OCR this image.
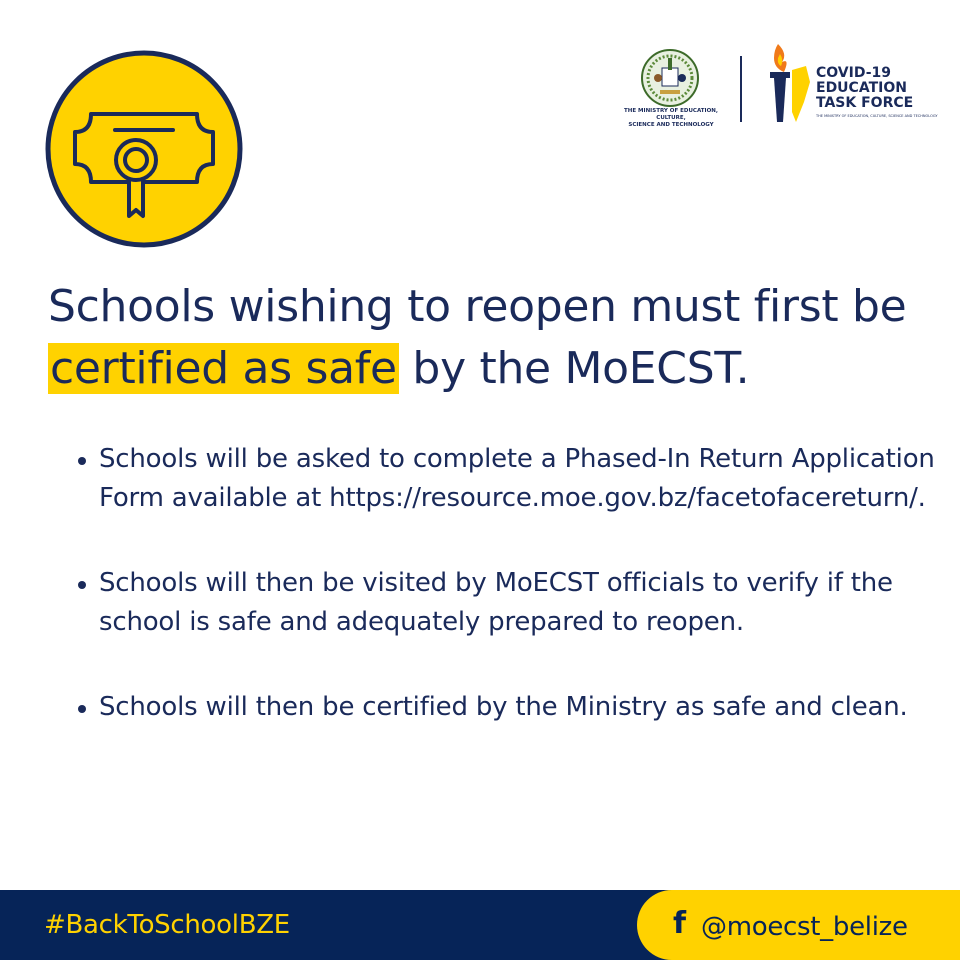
THE MINISTRY OF EDUCATION, CULTURE,
SCIENCE AND TECHNOLOGY
COVID-19
EDUCATION
TASK FORCE
THE MINISTRY OF EDUCATION, CULTURE, SCIENCE AND TECHNOLOGY
Schools wishing to reopen must first be certified as safe by the MoECST.
Schools will be asked to complete a Phased-In Return Application Form available at https://resource.moe.gov.bz/facetofacereturn/.
Schools will then be visited by MoECST officials to verify if the school is safe and adequately prepared to reopen.
Schools will then be certified by the Ministry as safe and clean.
#BackToSchoolBZE	f @moecst_belize
